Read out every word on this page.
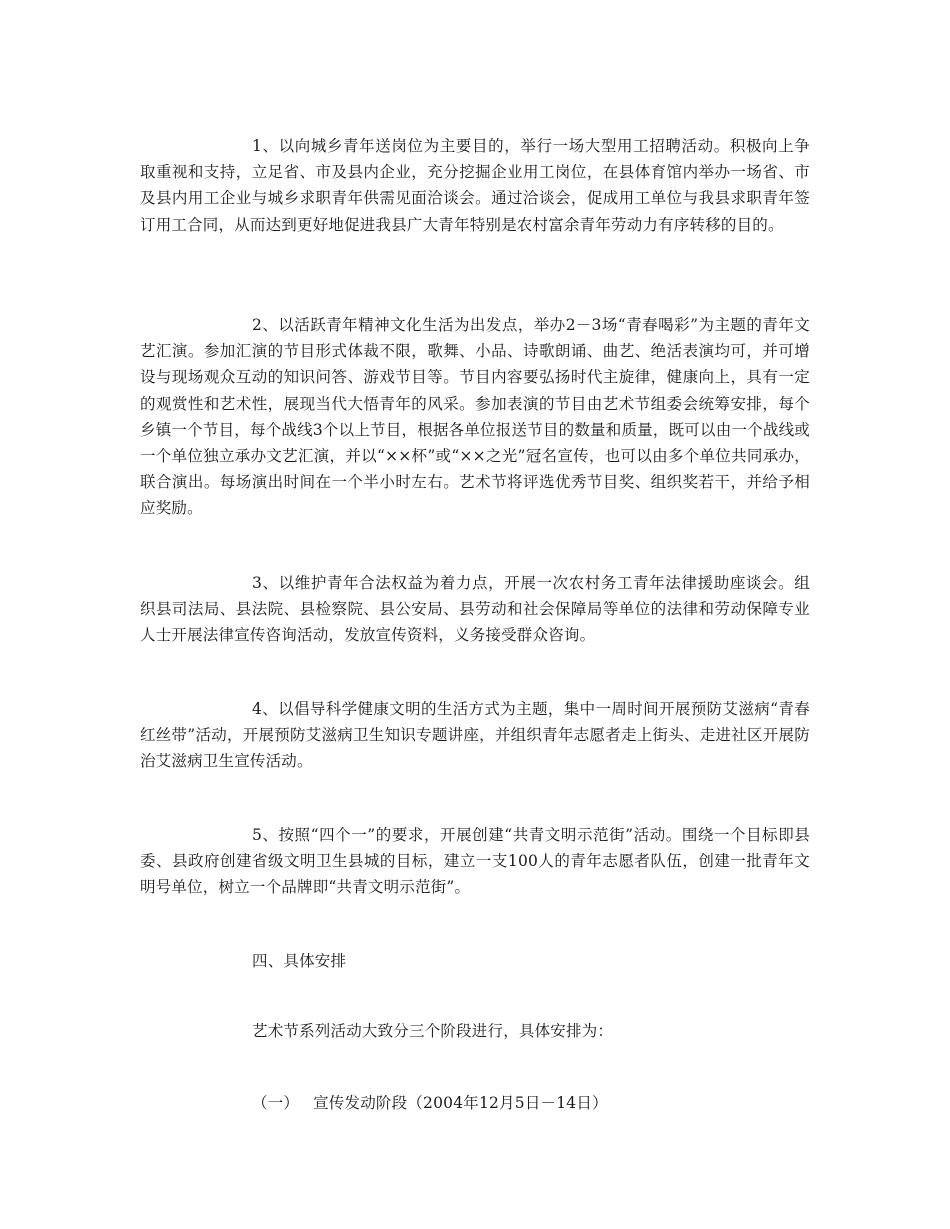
1、以向城乡青年送岗位为主要目的，举行一场大型用工招聘活动。积极向上争取重视和支持，立足省、市及县内企业，充分挖掘企业用工岗位，在县体育馆内举办一场省、市及县内用工企业与城乡求职青年供需见面洽谈会。通过洽谈会，促成用工单位与我县求职青年签订用工合同，从而达到更好地促进我县广大青年特别是农村富余青年劳动力有序转移的目的。

2、以活跃青年精神文化生活为出发点，举办2－3场“青春喝彩”为主题的青年文艺汇演。参加汇演的节目形式体裁不限，歌舞、小品、诗歌朗诵、曲艺、绝活表演均可，并可增设与现场观众互动的知识问答、游戏节目等。节目内容要弘扬时代主旋律，健康向上，具有一定的观赏性和艺术性，展现当代大悟青年的风采。参加表演的节目由艺术节组委会统筹安排，每个乡镇一个节目，每个战线3个以上节目，根据各单位报送节目的数量和质量，既可以由一个战线或一个单位独立承办文艺汇演，并以“××杯”或“××之光”冠名宣传，也可以由多个单位共同承办，联合演出。每场演出时间在一个半小时左右。艺术节将评选优秀节目奖、组织奖若干，并给予相应奖励。

3、以维护青年合法权益为着力点，开展一次农村务工青年法律援助座谈会。组织县司法局、县法院、县检察院、县公安局、县劳动和社会保障局等单位的法律和劳动保障专业人士开展法律宣传咨询活动，发放宣传资料，义务接受群众咨询。

4、以倡导科学健康文明的生活方式为主题，集中一周时间开展预防艾滋病“青春红丝带”活动，开展预防艾滋病卫生知识专题讲座，并组织青年志愿者走上街头、走进社区开展防治艾滋病卫生宣传活动。

5、按照“四个一”的要求，开展创建“共青文明示范街”活动。围绕一个目标即县委、县政府创建省级文明卫生县城的目标，建立一支100人的青年志愿者队伍，创建一批青年文明号单位，树立一个品牌即“共青文明示范街”。

四、具体安排

艺术节系列活动大致分三个阶段进行，具体安排为：

（一） 宣传发动阶段（2004年12月5日－14日）
